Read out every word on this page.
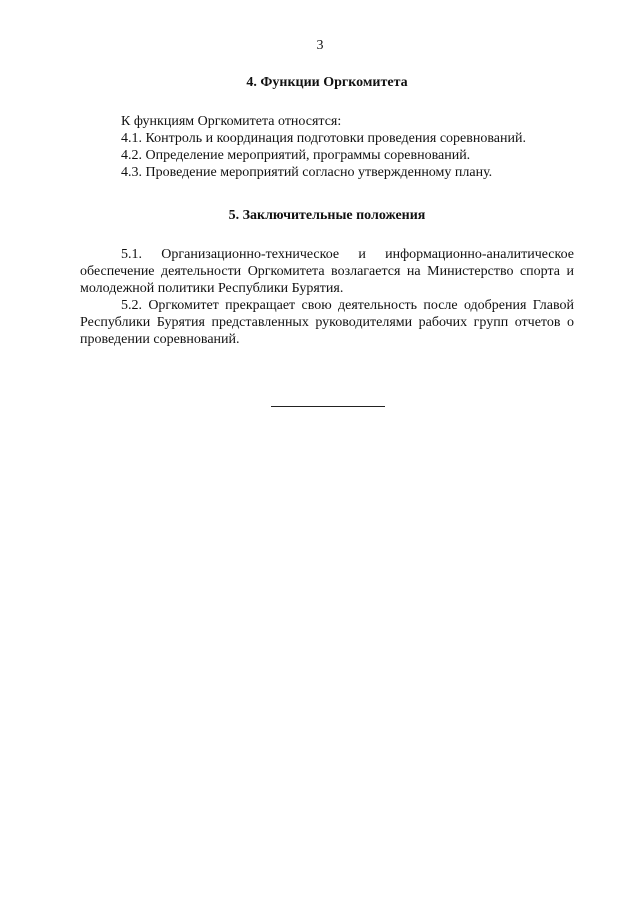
3

4. Функции Оргкомитета

К функциям Оргкомитета относятся:

4.1. Контроль и координация подготовки проведения соревнований.

4.2. Определение мероприятий, программы соревнований.

4.3. Проведение мероприятий согласно утвержденному плану.

5. Заключительные положения

5.1. Организационно-техническое и информационно-аналитическое обеспечение деятельности Оргкомитета возлагается на Министерство спорта и молодежной политики Республики Бурятия.

5.2. Оргкомитет прекращает свою деятельность после одобрения Главой Республики Бурятия представленных руководителями рабочих групп отчетов о проведении соревнований.
